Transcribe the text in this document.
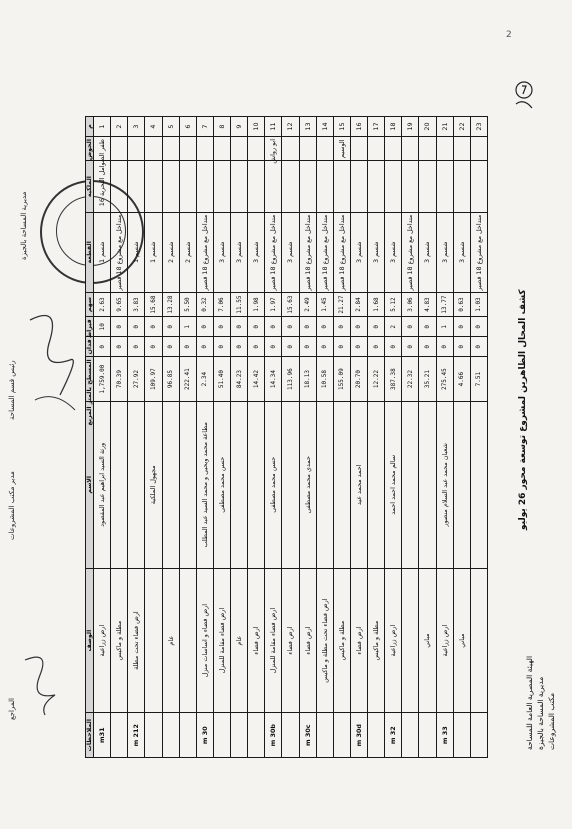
2
كشف المحال الظاهرين لمشروع توسعة محور 26 يوليو
الهيئة المصرية العامة للمساحة مديرية المساحة بالجيزة مكتب المشروعات
مديرية المساحة بالجيزة
رئيس قسم المساحة
مدير مكتب المشروعات
المراجع
م	الحوض	الملكية	القطعة	سهم	قيراط	فدان	المسطح بالمتر المربع	الاسم	الوصف	الملاحظات
1	ظفر الصوامل البحرية 16		شسم 1	2.63	10	0	1,759.00	ورثة السيد ابراهيم عبد المقصود	ارض زراعية	m31
2			متداخل مع مشروع 18 قصير	9.65	0	0	70.39		مظلة و ماكيس	
3			شسم 1	3.83	0	0	27.92		ارض فضاء تحت مظلة	m 212
4			شسم 1	15.68	0	0	109.97	مجهول الملكية		
5			شسم 2	13.28	0	0	96.85		عام	
6			شسم 2	5.50	1	0	222.41			
7			متداخل مع مشروع 18 قصير	0.32	0	0	2.34	مطاعة محمد ويحيى و محمد السيد عبد المطلب	ارض فضاء و اساسات منزل	m 30
8			شسم 3	7.06	0	0	51.40	حسن محمد مصطفى	ارض فضاء مقامة للمنزل	
9			شسم 3	11.55	0	0	84.23		عام	
10			شسم 3	1.98	0	0	14.42		ارض فضاء	
11	ابو رواش		متداخل مع مشروع 18 قصير	1.97	0	0	14.34	حسن محمد مصطفى	ارض فضاء مقامة للمنزل	m 30b
12			شسم 3	15.63	0	0	113.96		ارض فضاء	
13			متداخل مع مشروع 18 قصير	2.49	0	0	18.13	حمدي محمد مصطفى	ارض فضاء	m 30c
14			متداخل مع مشروع 18 قصير	1.45	0	0	10.58		ارض فضاء تحت مظلة و ماكيس	
15	الوسيم		متداخل مع مشروع 18 قصير	21.27	0	0	155.09		مظلة و ماكيس	
16			شسم 3	2.84	0	0	20.70	احمد محمد عيد	ارض فضاء	m 30d
17			شسم 3	1.68	0	0	12.22		مظلة و ماكيس	
18			شسم 3	5.12	2	0	387.38	سالم محمد احمد احمد	ارض زراعية	m 32
19			متداخل مع مشروع 18 قصير	3.06	0	0	22.32			
20			شسم 3	4.83	0	0	35.21		مباني	
21			شسم 3	13.77	1	0	275.45	شعبان محمد عبد السلام منصور	ارض زراعية	m 33
22			شسم 3	0.63	0	0	4.66		مباني	
23			متداخل مع مشروع 18 قصير	1.03	0	0	7.51			
